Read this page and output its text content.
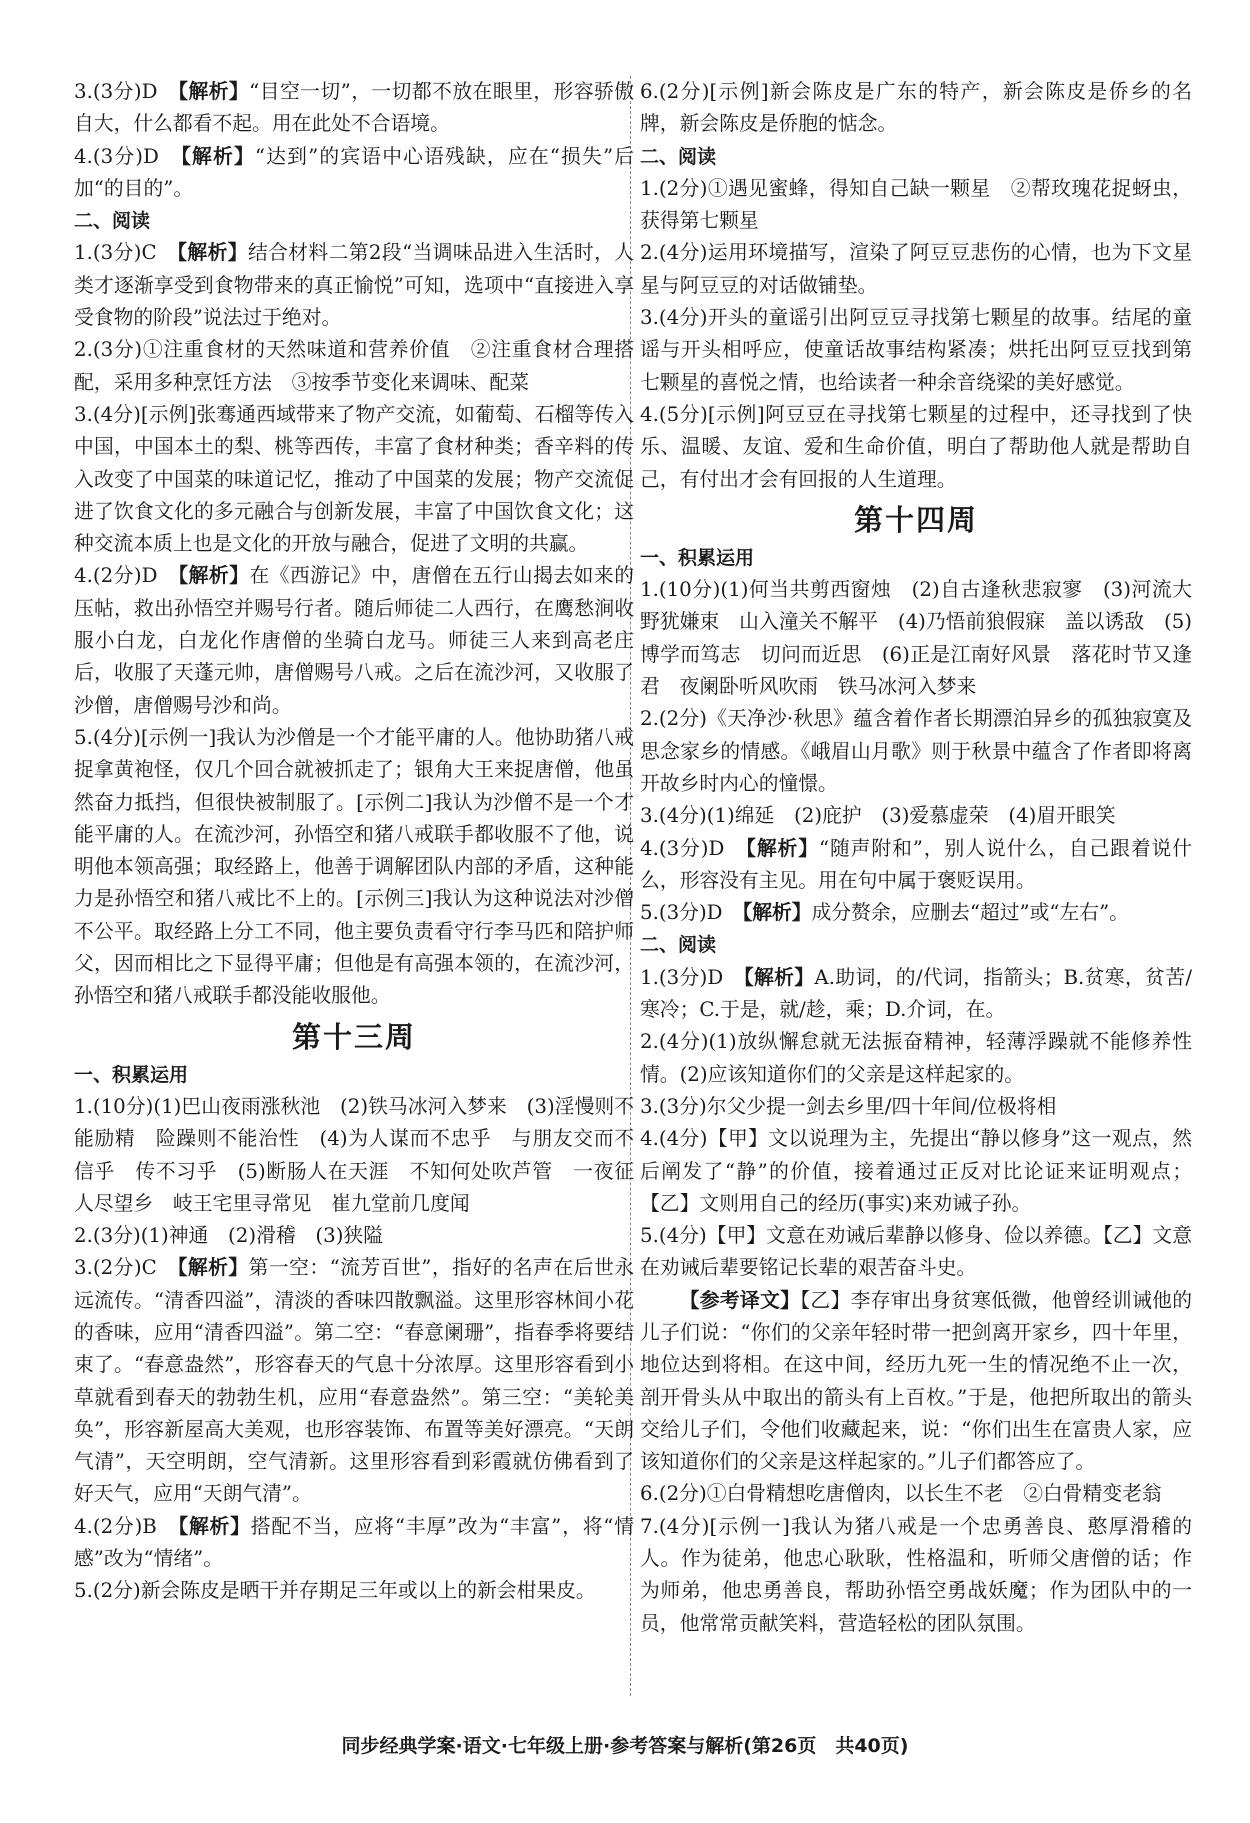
3.(3分)D　 【解析】“目空一切”，一切都不放在眼里，形容骄傲自大，什么都看不起。用在此处不合语境。

4.(3分)D　 【解析】“达到”的宾语中心语残缺，应在“损失”后加“的目的”。

二、阅读

1.(3分)C　 【解析】结合材料二第2段“当调味品进入生活时，人类才逐渐享受到食物带来的真正愉悦”可知，选项中“直接进入享受食物的阶段”说法过于绝对。

2.(3分)①注重食材的天然味道和营养价值　②注重食材合理搭配，采用多种烹饪方法　③按季节变化来调味、配菜

3.(4分)[示例]张骞通西域带来了物产交流，如葡萄、石榴等传入中国，中国本土的梨、桃等西传，丰富了食材种类；香辛料的传入改变了中国菜的味道记忆，推动了中国菜的发展；物产交流促进了饮食文化的多元融合与创新发展，丰富了中国饮食文化；这种交流本质上也是文化的开放与融合，促进了文明的共赢。

4.(2分)D　 【解析】在《西游记》中，唐僧在五行山揭去如来的压帖，救出孙悟空并赐号行者。随后师徒二人西行，在鹰愁涧收服小白龙，白龙化作唐僧的坐骑白龙马。师徒三人来到高老庄后，收服了天蓬元帅，唐僧赐号八戒。之后在流沙河，又收服了沙僧，唐僧赐号沙和尚。

5.(4分)[示例一]我认为沙僧是一个才能平庸的人。他协助猪八戒捉拿黄袍怪，仅几个回合就被抓走了；银角大王来捉唐僧，他虽然奋力抵挡，但很快被制服了。[示例二]我认为沙僧不是一个才能平庸的人。在流沙河，孙悟空和猪八戒联手都收服不了他，说明他本领高强；取经路上，他善于调解团队内部的矛盾，这种能力是孙悟空和猪八戒比不上的。[示例三]我认为这种说法对沙僧不公平。取经路上分工不同，他主要负责看守行李马匹和陪护师父，因而相比之下显得平庸；但他是有高强本领的，在流沙河，孙悟空和猪八戒联手都没能收服他。

第十三周

一、积累运用

1.(10分)(1)巴山夜雨涨秋池　(2)铁马冰河入梦来　(3)淫慢则不能励精　险躁则不能治性　(4)为人谋而不忠乎　与朋友交而不信乎　传不习乎　(5)断肠人在天涯　不知何处吹芦管　一夜征人尽望乡　岐王宅里寻常见　崔九堂前几度闻

2.(3分)(1)神通　(2)滑稽　(3)狭隘

3.(2分)C　 【解析】第一空：“流芳百世”，指好的名声在后世永远流传。“清香四溢”，清淡的香味四散飘溢。这里形容林间小花的香味，应用“清香四溢”。第二空：“春意阑珊”，指春季将要结束了。“春意盎然”，形容春天的气息十分浓厚。这里形容看到小草就看到春天的勃勃生机，应用“春意盎然”。第三空：“美轮美奂”，形容新屋高大美观，也形容装饰、布置等美好漂亮。“天朗气清”，天空明朗，空气清新。这里形容看到彩霞就仿佛看到了好天气，应用“天朗气清”。

4.(2分)B　 【解析】搭配不当，应将“丰厚”改为“丰富”，将“情感”改为“情绪”。

5.(2分)新会陈皮是晒干并存期足三年或以上的新会柑果皮。

6.(2分)[示例]新会陈皮是广东的特产，新会陈皮是侨乡的名牌，新会陈皮是侨胞的惦念。

二、阅读

1.(2分)①遇见蜜蜂，得知自己缺一颗星　②帮玫瑰花捉蚜虫，获得第七颗星

2.(4分)运用环境描写，渲染了阿豆豆悲伤的心情，也为下文星星与阿豆豆的对话做铺垫。

3.(4分)开头的童谣引出阿豆豆寻找第七颗星的故事。结尾的童谣与开头相呼应，使童话故事结构紧凑；烘托出阿豆豆找到第七颗星的喜悦之情，也给读者一种余音绕梁的美好感觉。

4.(5分)[示例]阿豆豆在寻找第七颗星的过程中，还寻找到了快乐、温暖、友谊、爱和生命价值，明白了帮助他人就是帮助自己，有付出才会有回报的人生道理。

第十四周

一、积累运用

1.(10分)(1)何当共剪西窗烛　(2)自古逢秋悲寂寥　(3)河流大野犹嫌束　山入潼关不解平　(4)乃悟前狼假寐　盖以诱敌　(5)博学而笃志　切问而近思　(6)正是江南好风景　落花时节又逢君　夜阑卧听风吹雨　铁马冰河入梦来

2.(2分)《天净沙·秋思》蕴含着作者长期漂泊异乡的孤独寂寞及思念家乡的情感。《峨眉山月歌》则于秋景中蕴含了作者即将离开故乡时内心的憧憬。

3.(4分)(1)绵延　(2)庇护　(3)爱慕虚荣　(4)眉开眼笑

4.(3分)D　 【解析】“随声附和”，别人说什么，自己跟着说什么，形容没有主见。用在句中属于褒贬误用。

5.(3分)D　 【解析】成分赘余，应删去“超过”或“左右”。

二、阅读

1.(3分)D　 【解析】A.助词，的/代词，指箭头；B.贫寒，贫苦/寒冷；C.于是，就/趁，乘；D.介词，在。

2.(4分)(1)放纵懈怠就无法振奋精神，轻薄浮躁就不能修养性情。(2)应该知道你们的父亲是这样起家的。

3.(3分)尔父少提一剑去乡里/四十年间/位极将相

4.(4分)【甲】文以说理为主，先提出“静以修身”这一观点，然后阐发了“静”的价值，接着通过正反对比论证来证明观点；【乙】文则用自己的经历(事实)来劝诫子孙。

5.(4分)【甲】文意在劝诫后辈静以修身、俭以养德。【乙】文意在劝诫后辈要铭记长辈的艰苦奋斗史。

【参考译文】【乙】李存审出身贫寒低微，他曾经训诫他的儿子们说：“你们的父亲年轻时带一把剑离开家乡，四十年里，地位达到将相。在这中间，经历九死一生的情况绝不止一次，剖开骨头从中取出的箭头有上百枚。”于是，他把所取出的箭头交给儿子们，令他们收藏起来，说：“你们出生在富贵人家，应该知道你们的父亲是这样起家的。”儿子们都答应了。

6.(2分)①白骨精想吃唐僧肉，以长生不老　②白骨精变老翁

7.(4分)[示例一]我认为猪八戒是一个忠勇善良、憨厚滑稽的人。作为徒弟，他忠心耿耿，性格温和，听师父唐僧的话；作为师弟，他忠勇善良，帮助孙悟空勇战妖魔；作为团队中的一员，他常常贡献笑料，营造轻松的团队氛围。

同步经典学案·语文·七年级上册·参考答案与解析(第26页　共40页)
